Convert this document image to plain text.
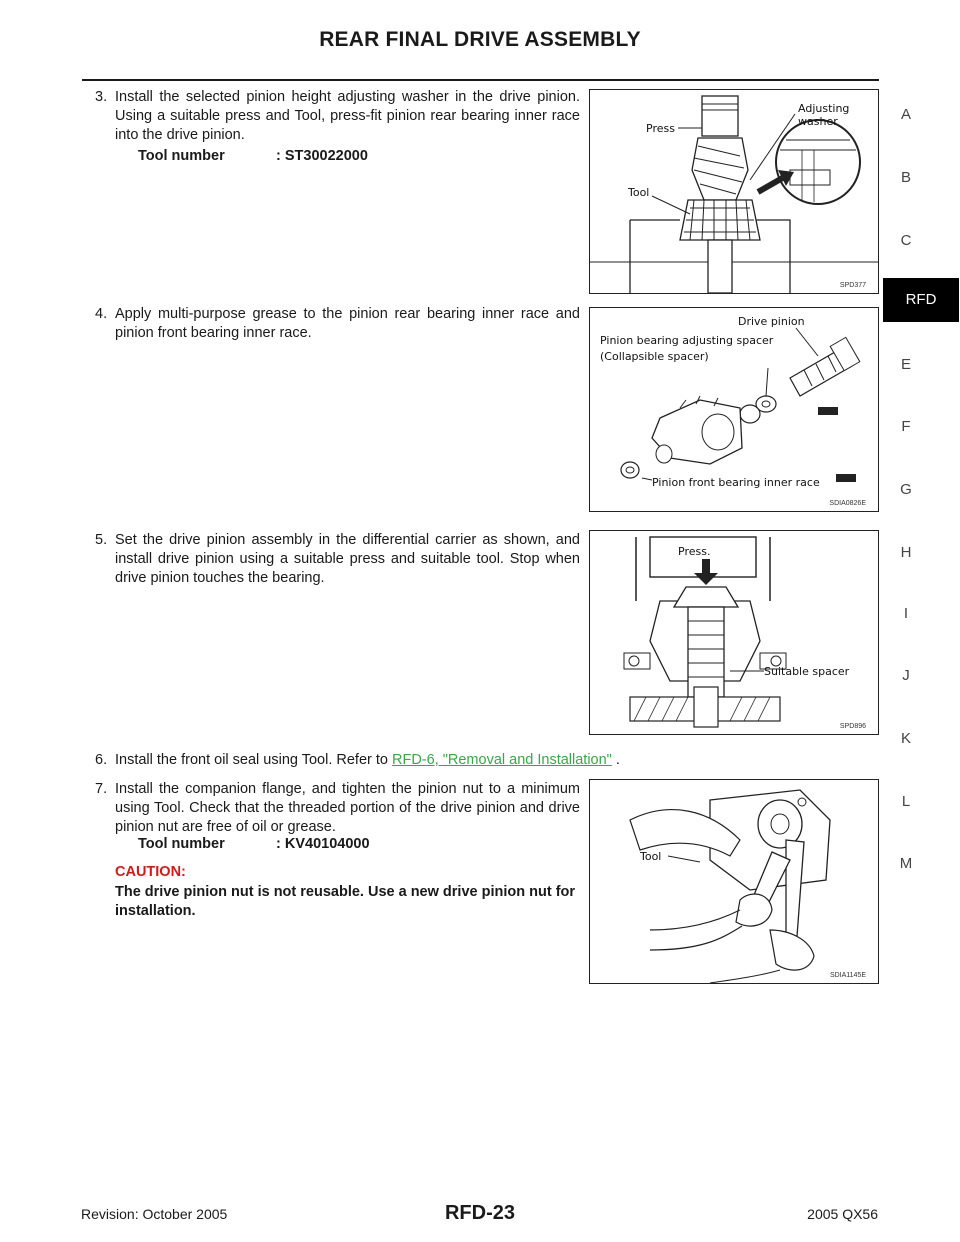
REAR FINAL DRIVE ASSEMBLY
A
B
C
RFD
E
F
G
H
I
J
K
L
M
3. Install the selected pinion height adjusting washer in the drive pinion. Using a suitable press and Tool, press-fit pinion rear bearing inner race into the drive pinion.
Tool number	: ST30022000
Press
Adjusting
washer
Tool
SPD377
4. Apply multi-purpose grease to the pinion rear bearing inner race and pinion front bearing inner race.
Drive pinion
Pinion bearing adjusting spacer
(Collapsible spacer)
Pinion front bearing inner race
SDIA0826E
5. Set the drive pinion assembly in the differential carrier as shown, and install drive pinion using a suitable press and suitable tool. Stop when drive pinion touches the bearing.
Press.
Suitable spacer
SPD896
6. Install the front oil seal using Tool. Refer to RFD-6, "Removal and Installation" .
7. Install the companion flange, and tighten the pinion nut to a minimum using Tool. Check that the threaded portion of the drive pinion and drive pinion nut are free of oil or grease.
Tool number	: KV40104000
CAUTION:
The drive pinion nut is not reusable. Use a new drive pinion nut for installation.
Tool
SDIA1145E
Revision: October 2005	RFD-23	2005 QX56
